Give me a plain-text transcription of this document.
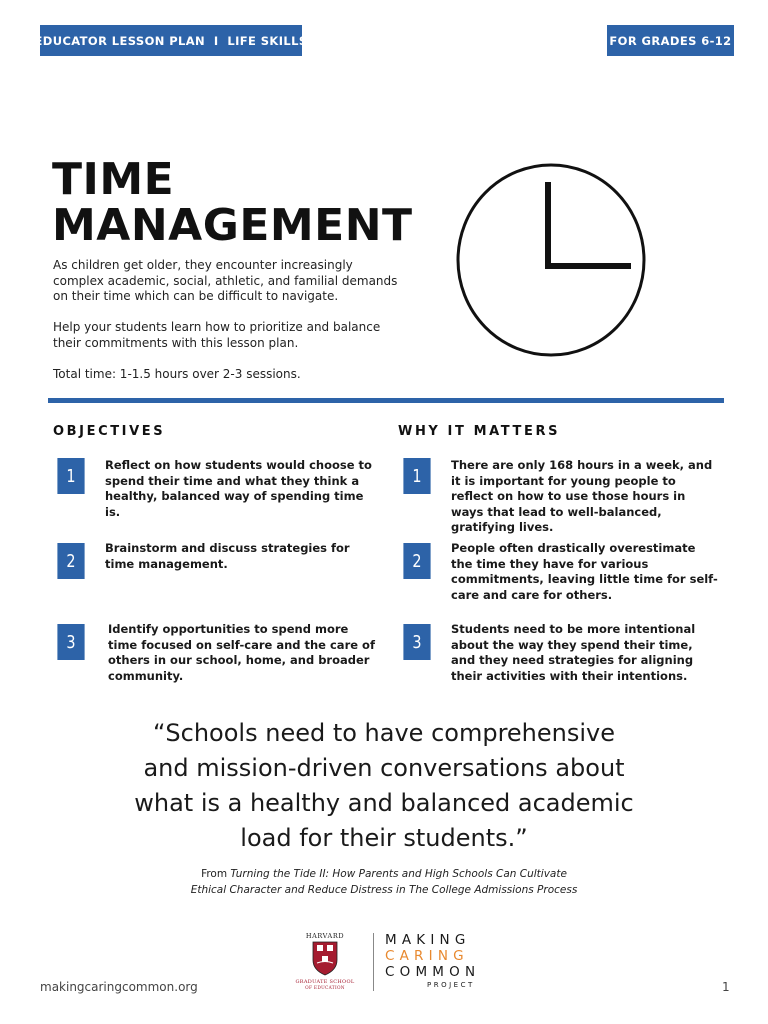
EDUCATOR LESSON PLAN  I  LIFE SKILLS	FOR GRADES 6-12
TIME
MANAGEMENT

As children get older, they encounter increasingly complex academic, social, athletic, and familial demands on their time which can be difficult to navigate.

Help your students learn how to prioritize and balance their commitments with this lesson plan.

Total time: 1-1.5 hours over 2-3 sessions.

OBJECTIVES
1

Reflect on how students would choose to spend their time and what they think a healthy, balanced way of spending time is.

2

Brainstorm and discuss strategies for time management.

3

Identify opportunities to spend more time focused on self-care and the care of others in our school, home, and broader community.

WHY IT MATTERS
1

There are only 168 hours in a week, and it is important for young people to reflect on how to use those hours in ways that lead to well-balanced, gratifying lives.

2

People often drastically overestimate the time they have for various commitments, leaving little time for self-care and care for others.

3

Students need to be more intentional about the way they spend their time, and they need strategies for aligning their activities with their intentions.

“Schools need to have comprehensive and mission-driven conversations about what is a healthy and balanced academic load for their students.”

From Turning the Tide II: How Parents and High Schools Can Cultivate Ethical Character and Reduce Distress in The College Admissions Process

makingcaringcommon.org	1
HARVARD
GRADUATE SCHOOL
OF EDUCATION
MAKING
CARING
COMMON
PROJECT
